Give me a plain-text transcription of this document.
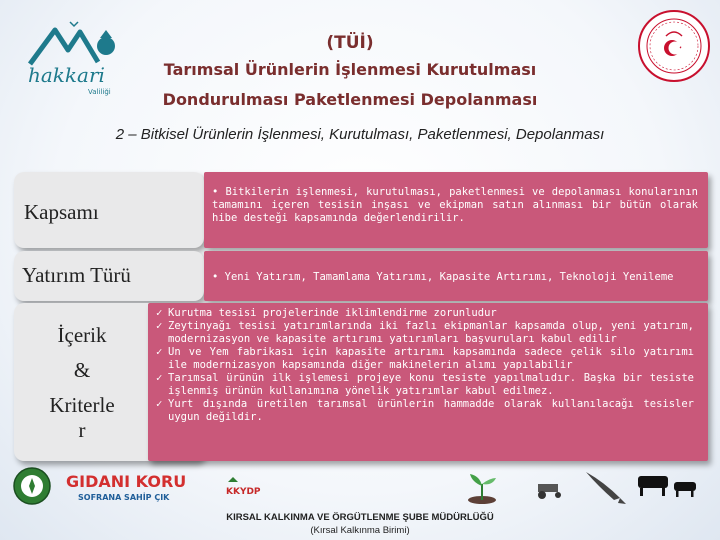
hakkari
Valiliği
(TÜİ)
Tarımsal Ürünlerin İşlenmesi Kurutulması
Dondurulması Paketlenmesi Depolanması
2 – Bitkisel Ürünlerin İşlenmesi, Kurutulması, Paketlenmesi, Depolanması
Kapsamı
Yatırım Türü
İçerik
&
Kriterle
r
• Bitkilerin işlenmesi, kurutulması, paketlenmesi ve depolanması konularının tamamını içeren tesisin inşası ve ekipman satın alınması bir bütün olarak hibe desteği kapsamında değerlendirilir.
• Yeni Yatırım, Tamamlama Yatırımı, Kapasite Artırımı, Teknoloji Yenileme
✓ Kurutma tesisi projelerinde iklimlendirme zorunludur
✓ Zeytinyağı tesisi yatırımlarında iki fazlı ekipmanlar kapsamda olup, yeni yatırım, modernizasyon ve kapasite artırımı yatırımları başvuruları kabul edilir
✓ Un ve Yem fabrikası için kapasite artırımı kapsamında sadece çelik silo yatırımı ile modernizasyon kapsamında diğer makinelerin alımı yapılabilir
✓ Tarımsal ürünün ilk işlemesi projeye konu tesiste yapılmalıdır. Başka bir tesiste işlenmiş ürünün kullanımına yönelik yatırımlar kabul edilmez.
✓ Yurt dışında üretilen tarımsal ürünlerin hammadde olarak kullanılacağı tesisler uygun değildir.
GIDANI KORU
SOFRANA SAHİP ÇIK
KKYDP
KIRSAL KALKINMA VE ÖRGÜTLENME ŞUBE MÜDÜRLÜĞÜ
(Kırsal Kalkınma Birimi)
